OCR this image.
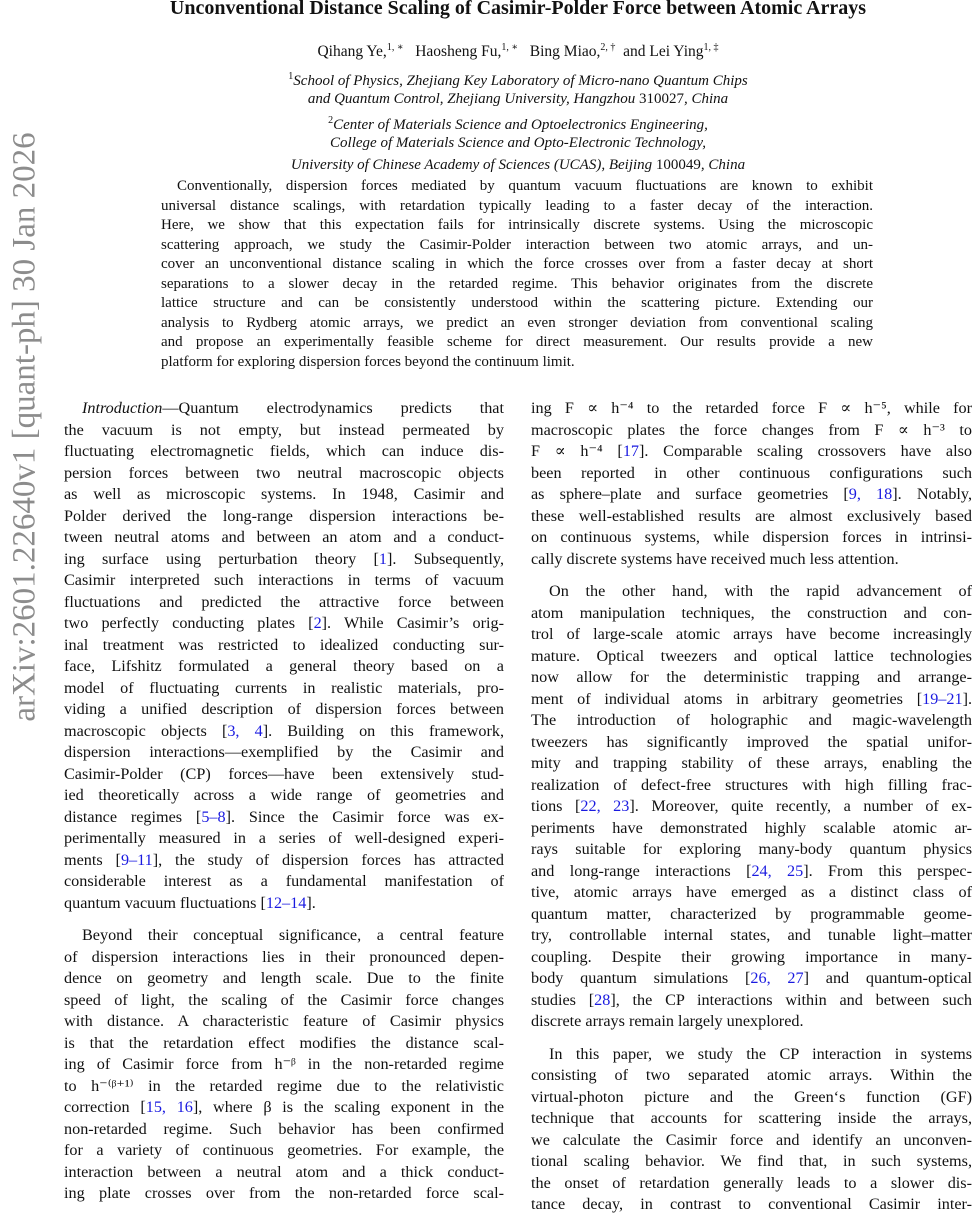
arXiv:2601.22640v1 [quant-ph] 30 Jan 2026
Unconventional Distance Scaling of Casimir-Polder Force between Atomic Arrays
Qihang Ye,$^{1, ∗}$ Haosheng Fu,$^{1, ∗}$ Bing Miao,$^{2, \dagger}$ and Lei Ying$^{1, \ddagger}$
$^1$School of Physics, Zhejiang Key Laboratory of Micro-nano Quantum Chips
and Quantum Control, Zhejiang University, Hangzhou 310027, China
$^2$Center of Materials Science and Optoelectronics Engineering,
College of Materials Science and Opto-Electronic Technology,
University of Chinese Academy of Sciences (UCAS), Beijing 100049, China
Conventionally, dispersion forces mediated by quantum vacuum fluctuations are known to exhibit
universal distance scalings, with retardation typically leading to a faster decay of the interaction.
Here, we show that this expectation fails for intrinsically discrete systems. Using the microscopic
scattering approach, we study the Casimir-Polder interaction between two atomic arrays, and un-
cover an unconventional distance scaling in which the force crosses over from a faster decay at short
separations to a slower decay in the retarded regime. This behavior originates from the discrete
lattice structure and can be consistently understood within the scattering picture. Extending our
analysis to Rydberg atomic arrays, we predict an even stronger deviation from conventional scaling
and propose an experimentally feasible scheme for direct measurement. Our results provide a new
platform for exploring dispersion forces beyond the continuum limit.
Introduction—Quantum electrodynamics predicts that
the vacuum is not empty, but instead permeated by
fluctuating electromagnetic fields, which can induce dis-
persion forces between two neutral macroscopic objects
as well as microscopic systems. In 1948, Casimir and
Polder derived the long-range dispersion interactions be-
tween neutral atoms and between an atom and a conduct-
ing surface using perturbation theory [1]. Subsequently,
Casimir interpreted such interactions in terms of vacuum
fluctuations and predicted the attractive force between
two perfectly conducting plates [2]. While Casimir’s orig-
inal treatment was restricted to idealized conducting sur-
face, Lifshitz formulated a general theory based on a
model of fluctuating currents in realistic materials, pro-
viding a unified description of dispersion forces between
macroscopic objects [3, 4]. Building on this framework,
dispersion interactions—exemplified by the Casimir and
Casimir-Polder (CP) forces—have been extensively stud-
ied theoretically across a wide range of geometries and
distance regimes [5–8]. Since the Casimir force was ex-
perimentally measured in a series of well-designed experi-
ments [9–11], the study of dispersion forces has attracted
considerable interest as a fundamental manifestation of
quantum vacuum fluctuations [12–14].
Beyond their conceptual significance, a central feature
of dispersion interactions lies in their pronounced depen-
dence on geometry and length scale. Due to the finite
speed of light, the scaling of the Casimir force changes
with distance. A characteristic feature of Casimir physics
is that the retardation effect modifies the distance scal-
ing of Casimir force from h⁻ᵝ in the non-retarded regime
to h⁻⁽ᵝ⁺¹⁾ in the retarded regime due to the relativistic
correction [15, 16], where β is the scaling exponent in the
non-retarded regime. Such behavior has been confirmed
for a variety of continuous geometries. For example, the
interaction between a neutral atom and a thick conduct-
ing plate crosses over from the non-retarded force scal-
ing F ∝ h⁻⁴ to the retarded force F ∝ h⁻⁵, while for
macroscopic plates the force changes from F ∝ h⁻³ to
F ∝ h⁻⁴ [17]. Comparable scaling crossovers have also
been reported in other continuous configurations such
as sphere–plate and surface geometries [9, 18]. Notably,
these well-established results are almost exclusively based
on continuous systems, while dispersion forces in intrinsi-
cally discrete systems have received much less attention.
On the other hand, with the rapid advancement of
atom manipulation techniques, the construction and con-
trol of large-scale atomic arrays have become increasingly
mature. Optical tweezers and optical lattice technologies
now allow for the deterministic trapping and arrange-
ment of individual atoms in arbitrary geometries [19–21].
The introduction of holographic and magic-wavelength
tweezers has significantly improved the spatial unifor-
mity and trapping stability of these arrays, enabling the
realization of defect-free structures with high filling frac-
tions [22, 23]. Moreover, quite recently, a number of ex-
periments have demonstrated highly scalable atomic ar-
rays suitable for exploring many-body quantum physics
and long-range interactions [24, 25]. From this perspec-
tive, atomic arrays have emerged as a distinct class of
quantum matter, characterized by programmable geome-
try, controllable internal states, and tunable light–matter
coupling. Despite their growing importance in many-
body quantum simulations [26, 27] and quantum-optical
studies [28], the CP interactions within and between such
discrete arrays remain largely unexplored.
In this paper, we study the CP interaction in systems
consisting of two separated atomic arrays. Within the
virtual-photon picture and the Green‘s function (GF)
technique that accounts for scattering inside the arrays,
we calculate the Casimir force and identify an unconven-
tional scaling behavior. We find that, in such systems,
the onset of retardation generally leads to a slower dis-
tance decay, in contrast to conventional Casimir inter-
